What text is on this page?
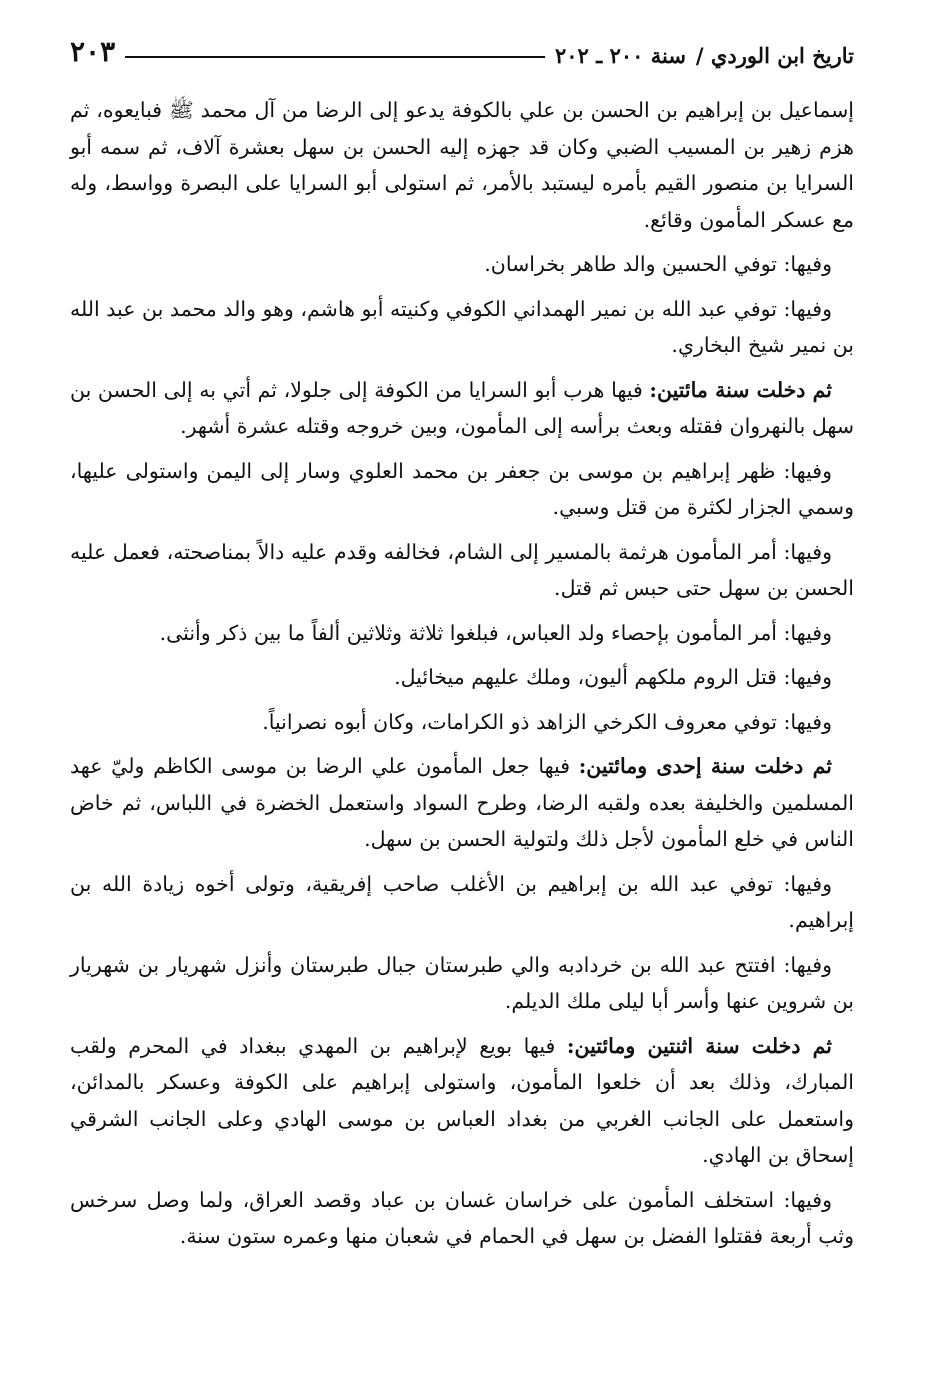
تاريخ ابن الوردي /
سنة ٢٠٠ ـ ٢٠٢
٢٠٣

إسماعيل بن إبراهيم بن الحسن بن علي بالكوفة يدعو إلى الرضا من آل محمد ﷺ فبايعوه، ثم هزم زهير بن المسيب الضبي وكان قد جهزه إليه الحسن بن سهل بعشرة آلاف، ثم سمه أبو السرايا بن منصور القيم بأمره ليستبد بالأمر، ثم استولى أبو السرايا على البصرة وواسط، وله مع عسكر المأمون وقائع.

وفيها: توفي الحسين والد طاهر بخراسان.

وفيها: توفي عبد الله بن نمير الهمداني الكوفي وكنيته أبو هاشم، وهو والد محمد بن عبد الله بن نمير شيخ البخاري.

ثم دخلت سنة مائتين: فيها هرب أبو السرايا من الكوفة إلى جلولا، ثم أتي به إلى الحسن بن سهل بالنهروان فقتله وبعث برأسه إلى المأمون، وبين خروجه وقتله عشرة أشهر.

وفيها: ظهر إبراهيم بن موسى بن جعفر بن محمد العلوي وسار إلى اليمن واستولى عليها، وسمي الجزار لكثرة من قتل وسبي.

وفيها: أمر المأمون هرثمة بالمسير إلى الشام، فخالفه وقدم عليه دالاً بمناصحته، فعمل عليه الحسن بن سهل حتى حبس ثم قتل.

وفيها: أمر المأمون بإحصاء ولد العباس، فبلغوا ثلاثة وثلاثين ألفاً ما بين ذكر وأنثى.

وفيها: قتل الروم ملكهم أليون، وملك عليهم ميخائيل.

وفيها: توفي معروف الكرخي الزاهد ذو الكرامات، وكان أبوه نصرانياً.

ثم دخلت سنة إحدى ومائتين: فيها جعل المأمون علي الرضا بن موسى الكاظم وليّ عهد المسلمين والخليفة بعده ولقبه الرضا، وطرح السواد واستعمل الخضرة في اللباس، ثم خاض الناس في خلع المأمون لأجل ذلك ولتولية الحسن بن سهل.

وفيها: توفي عبد الله بن إبراهيم بن الأغلب صاحب إفريقية، وتولى أخوه زيادة الله بن إبراهيم.

وفيها: افتتح عبد الله بن خردادبه والي طبرستان جبال طبرستان وأنزل شهريار بن شهريار بن شروين عنها وأسر أبا ليلى ملك الديلم.

ثم دخلت سنة اثنتين ومائتين: فيها بويع لإبراهيم بن المهدي ببغداد في المحرم ولقب المبارك، وذلك بعد أن خلعوا المأمون، واستولى إبراهيم على الكوفة وعسكر بالمدائن، واستعمل على الجانب الغربي من بغداد العباس بن موسى الهادي وعلى الجانب الشرقي إسحاق بن الهادي.

وفيها: استخلف المأمون على خراسان غسان بن عباد وقصد العراق، ولما وصل سرخس وثب أربعة فقتلوا الفضل بن سهل في الحمام في شعبان منها وعمره ستون سنة.
